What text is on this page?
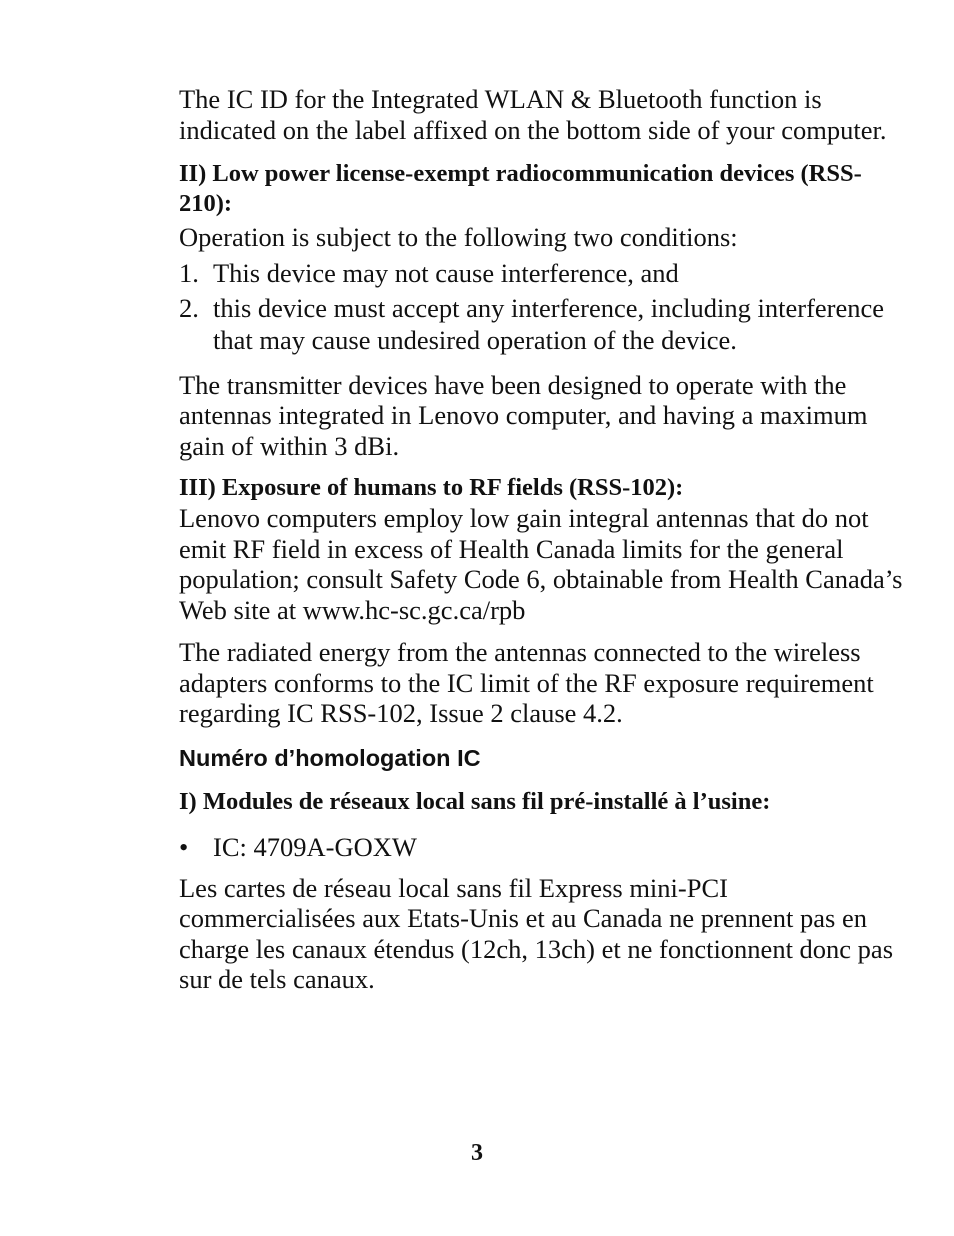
The IC ID for the Integrated WLAN & Bluetooth function is indicated on the label affixed on the bottom side of your computer.

II) Low power license-exempt radiocommunication devices (RSS-210):

Operation is subject to the following two conditions:

1. This device may not cause interference, and
2. this device must accept any interference, including interference that may cause undesired operation of the device.

The transmitter devices have been designed to operate with the antennas integrated in Lenovo computer, and having a maximum gain of within 3 dBi.

III) Exposure of humans to RF fields (RSS-102):

Lenovo computers employ low gain integral antennas that do not emit RF field in excess of Health Canada limits for the general population; consult Safety Code 6, obtainable from Health Canada’s Web site at www.hc-sc.gc.ca/rpb

The radiated energy from the antennas connected to the wireless adapters conforms to the IC limit of the RF exposure requirement regarding IC RSS-102, Issue 2 clause 4.2.

Numéro d’homologation IC

I) Modules de réseaux local sans fil pré-installé à l’usine:

• IC: 4709A-GOXW

Les cartes de réseau local sans fil Express mini-PCI commercialisées aux Etats-Unis et au Canada ne prennent pas en charge les canaux étendus (12ch, 13ch) et ne fonctionnent donc pas sur de tels canaux.

3
